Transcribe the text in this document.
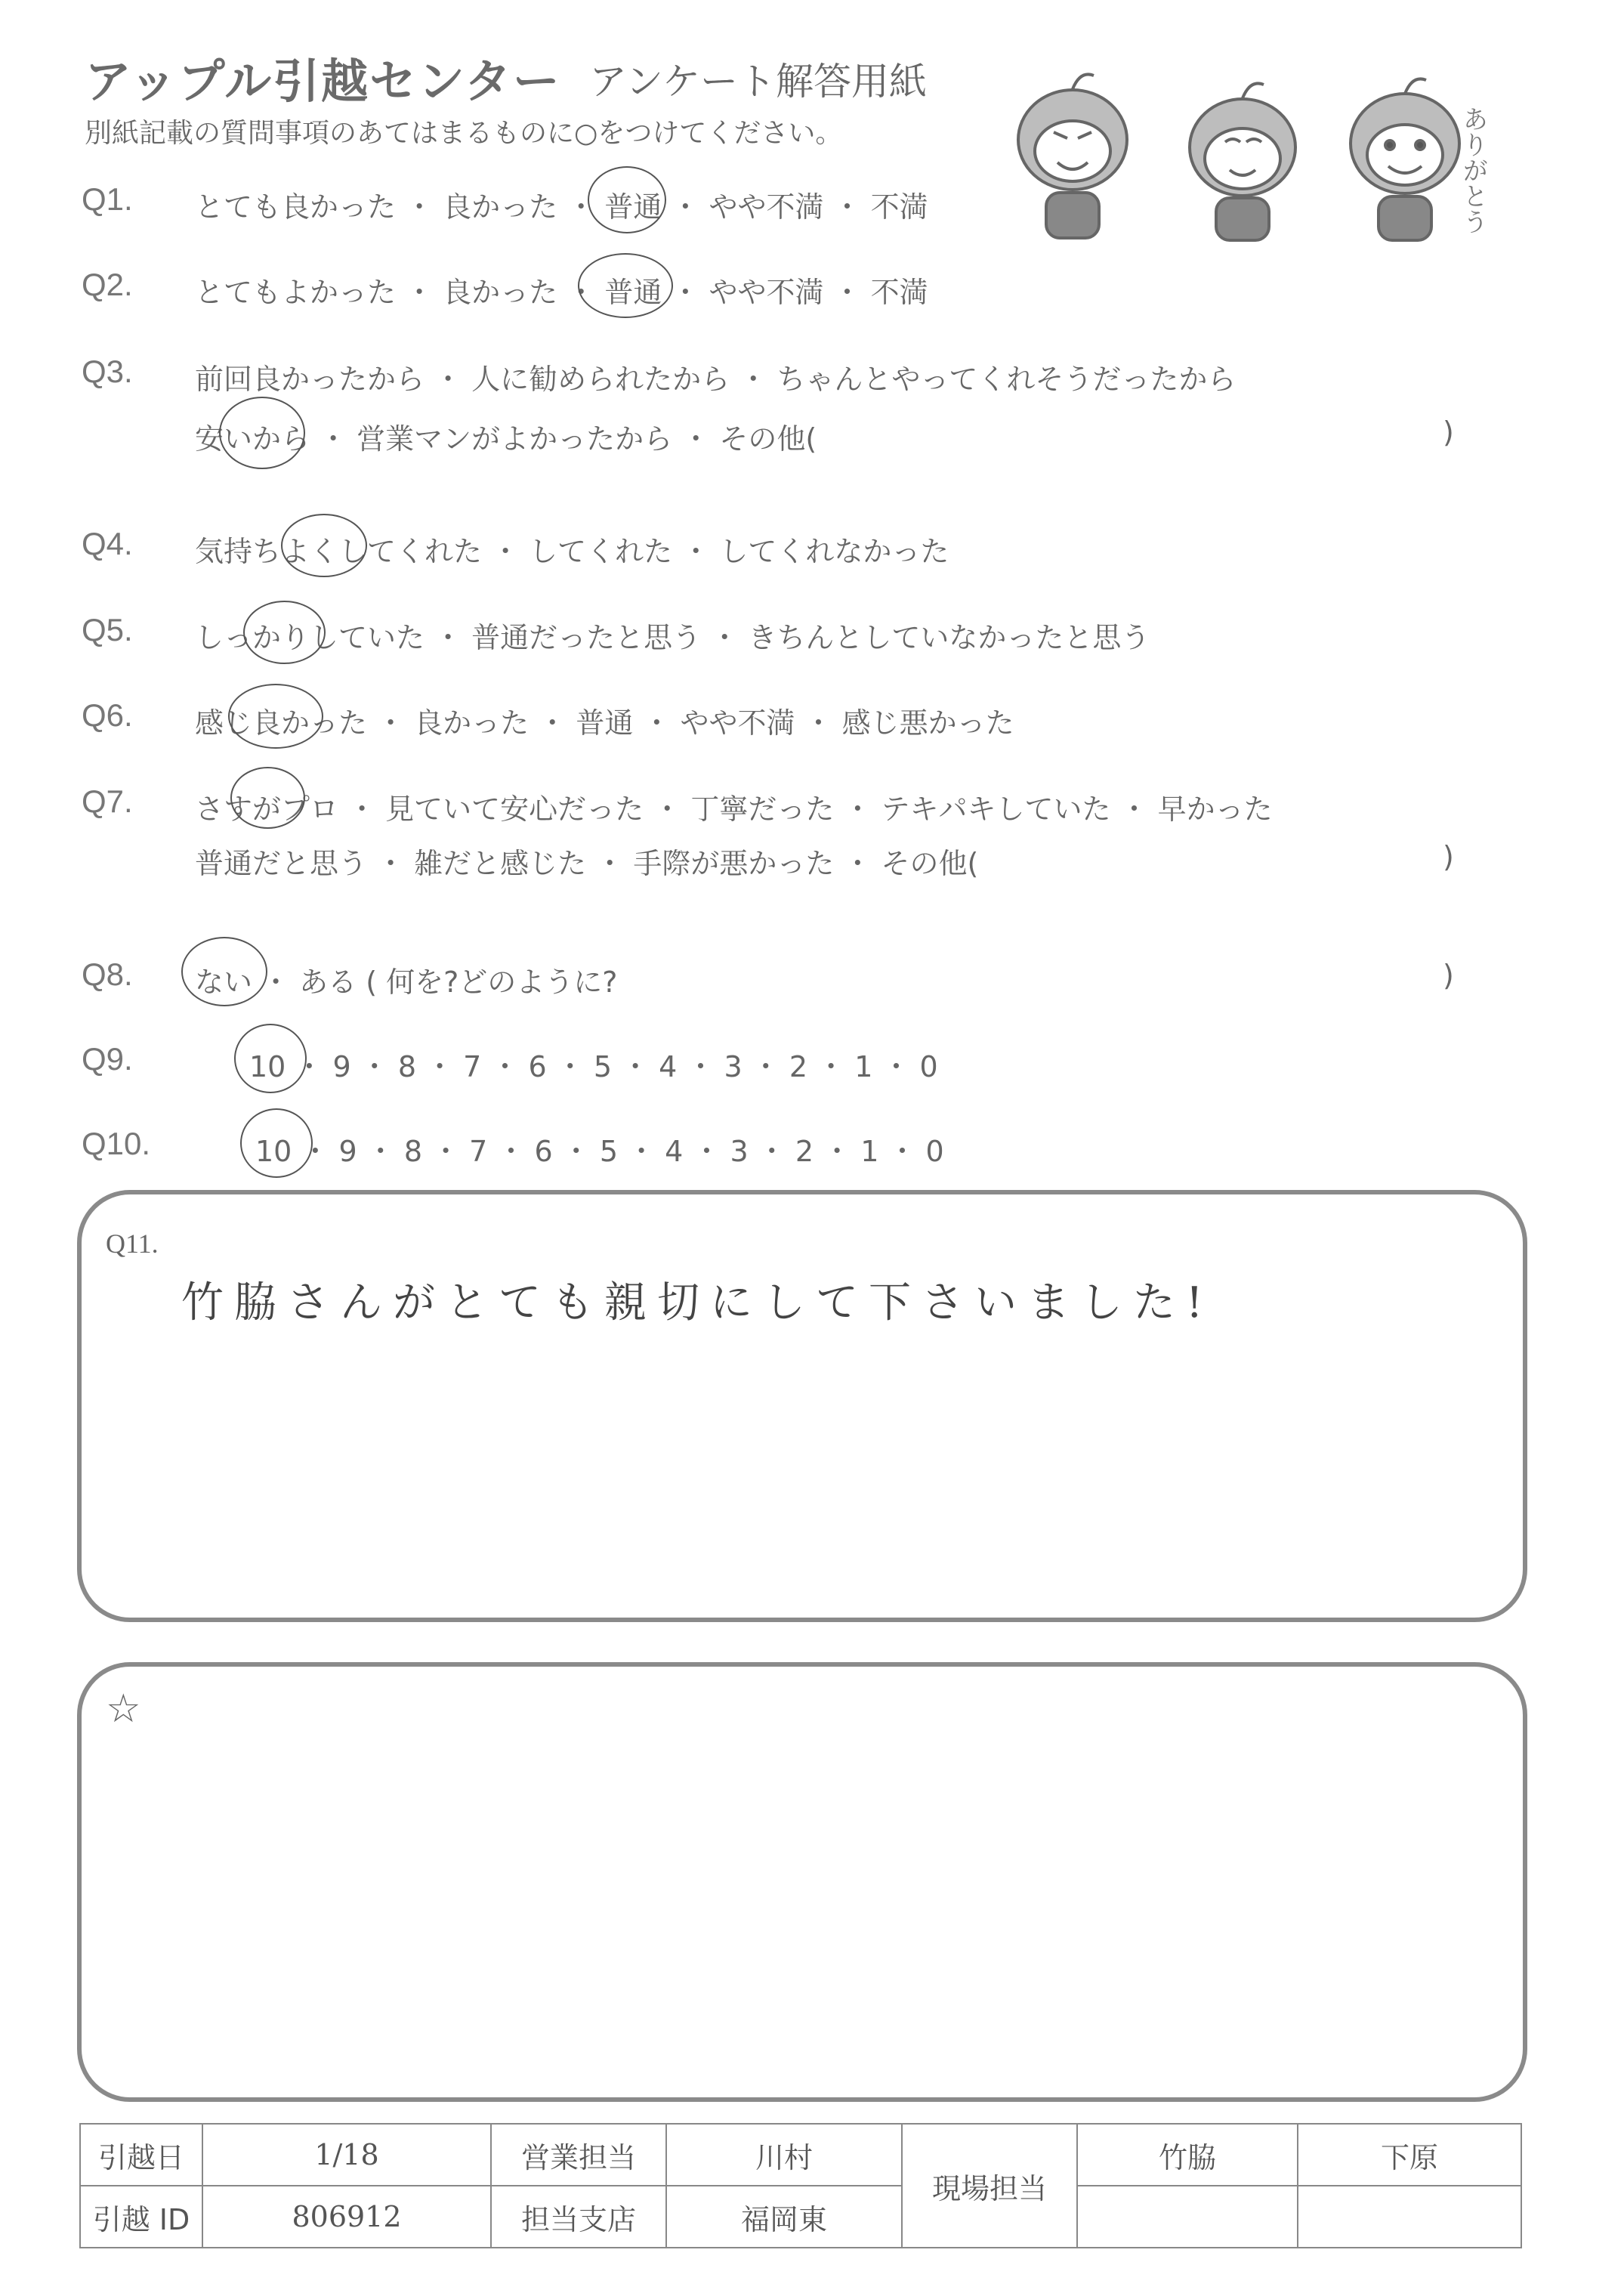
アップル引越センター アンケート解答用紙
別紙記載の質問事項のあてはまるものに○をつけてください。	ありがとう
Q1. とても良かった ・ 良かった ・ 普通 ・ やや不満 ・ 不満
Q2. とてもよかった ・ 良かった ・ 普通 ・ やや不満 ・ 不満
Q3. 前回良かったから ・ 人に勧められたから ・ ちゃんとやってくれそうだったから
安いから ・ 営業マンがよかったから ・ その他(	)
Q4. 気持ちよくしてくれた ・ してくれた ・ してくれなかった
Q5. しっかりしていた ・ 普通だったと思う ・ きちんとしていなかったと思う
Q6. 感じ良かった ・ 良かった ・ 普通 ・ やや不満 ・ 感じ悪かった
Q7. さすがプロ ・ 見ていて安心だった ・ 丁寧だった ・ テキパキしていた ・ 早かった
普通だと思う ・ 雑だと感じた ・ 手際が悪かった ・ その他(	)
Q8. ない ・ ある ( 何を?どのように?	)
Q9.	10 ・ 9 ・ 8 ・ 7 ・ 6 ・ 5 ・ 4 ・ 3 ・ 2 ・ 1 ・ 0
Q10.	10 ・ 9 ・ 8 ・ 7 ・ 6 ・ 5 ・ 4 ・ 3 ・ 2 ・ 1 ・ 0
Q11.
竹脇さんがとても親切にして下さいました!
☆
引越日	1/18	営業担当	川村	現場担当	竹脇	下原
引越 ID	806912	担当支店	福岡東			
